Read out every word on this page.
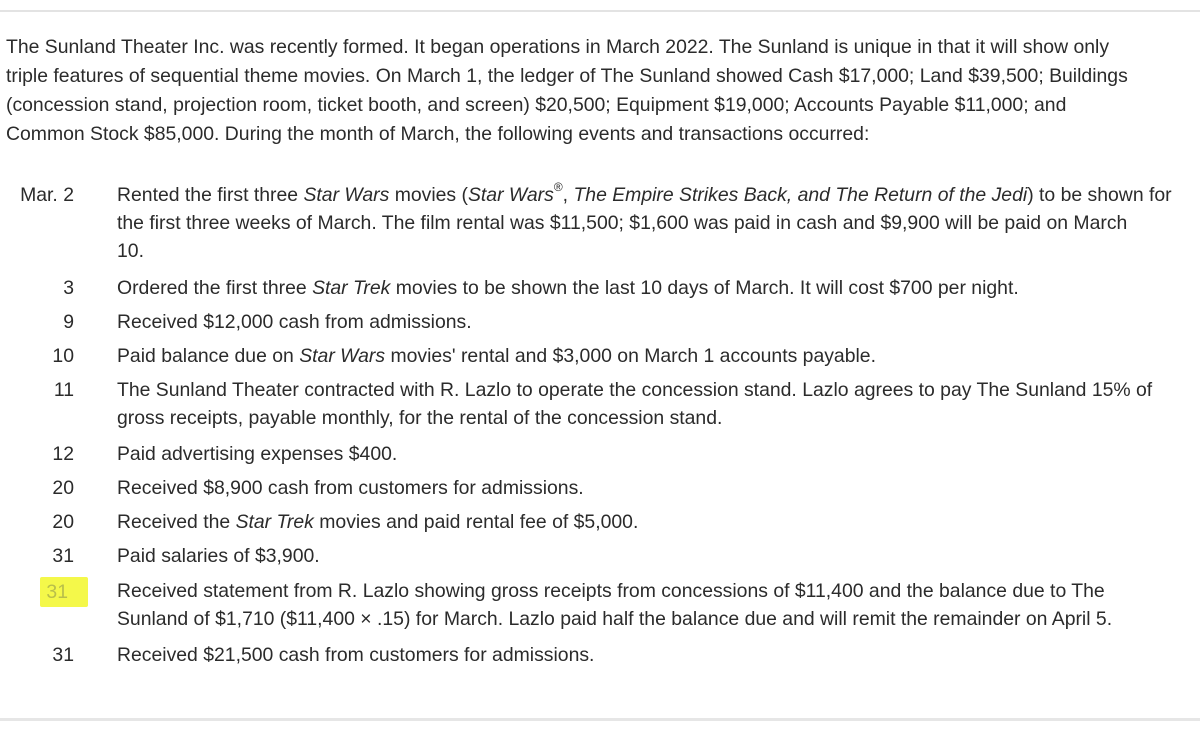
The Sunland Theater Inc. was recently formed. It began operations in March 2022. The Sunland is unique in that it will show only
triple features of sequential theme movies. On March 1, the ledger of The Sunland showed Cash $17,000; Land $39,500; Buildings
(concession stand, projection room, ticket booth, and screen) $20,500; Equipment $19,000; Accounts Payable $11,000; and
Common Stock $85,000. During the month of March, the following events and transactions occurred:
Mar. 2 Rented the first three Star Wars movies (Star Wars®, The Empire Strikes Back, and The Return of the Jedi) to be shown for
the first three weeks of March. The film rental was $11,500; $1,600 was paid in cash and $9,900 will be paid on March
10.
3 Ordered the first three Star Trek movies to be shown the last 10 days of March. It will cost $700 per night.
9 Received $12,000 cash from admissions.
10 Paid balance due on Star Wars movies' rental and $3,000 on March 1 accounts payable.
11 The Sunland Theater contracted with R. Lazlo to operate the concession stand. Lazlo agrees to pay The Sunland 15% of
gross receipts, payable monthly, for the rental of the concession stand.
12 Paid advertising expenses $400.
20 Received $8,900 cash from customers for admissions.
20 Received the Star Trek movies and paid rental fee of $5,000.
31 Paid salaries of $3,900.
31	Received statement from R. Lazlo showing gross receipts from concessions of $11,400 and the balance due to The
Sunland of $1,710 ($11,400 × .15) for March. Lazlo paid half the balance due and will remit the remainder on April 5.
31 Received $21,500 cash from customers for admissions.
